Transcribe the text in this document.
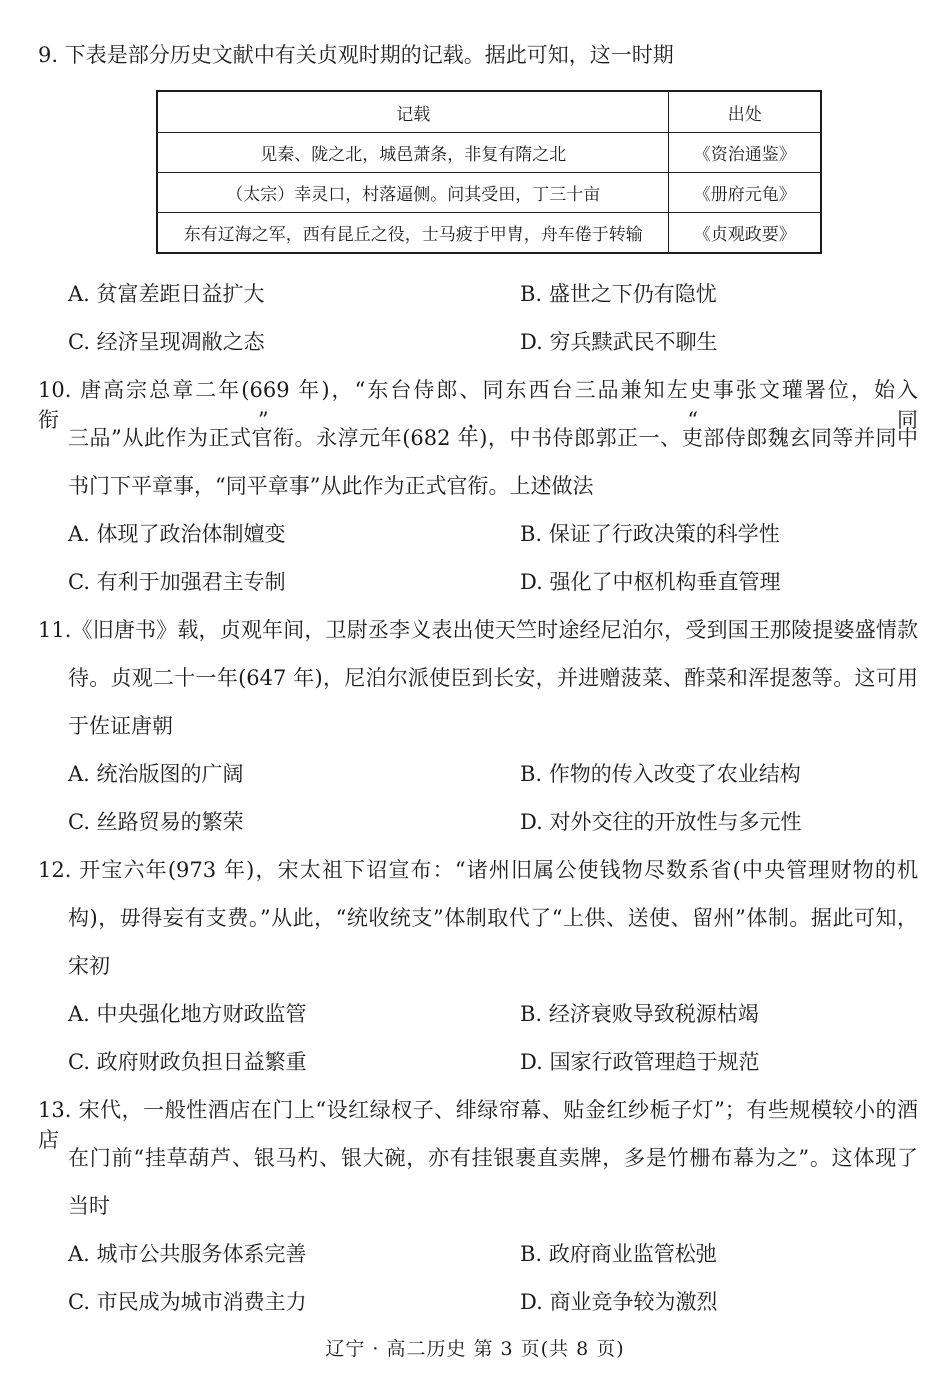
9. 下表是部分历史文献中有关贞观时期的记载。据此可知，这一时期
记载	出处
见秦、陇之北，城邑萧条，非复有隋之北	《资治通鉴》
（太宗）幸灵口，村落逼侧。问其受田，丁三十亩	《册府元龟》
东有辽海之军，西有昆丘之役，士马疲于甲胄，舟车倦于转输	《贞观政要》
A. 贫富差距日益扩大	B. 盛世之下仍有隐忧
C. 经济呈现凋敝之态	D. 穷兵黩武民不聊生
10. 唐高宗总章二年(669 年)，“东台侍郎、同东西台三品兼知左史事张文瓘署位，始入衔”，“同
三品”从此作为正式官衔。永淳元年(682 年)，中书侍郎郭正一、吏部侍郎魏玄同等并同中
书门下平章事，“同平章事”从此作为正式官衔。上述做法
A. 体现了政治体制嬗变	B. 保证了行政决策的科学性
C. 有利于加强君主专制	D. 强化了中枢机构垂直管理
11.《旧唐书》载，贞观年间，卫尉丞李义表出使天竺时途经尼泊尔，受到国王那陵提婆盛情款
待。贞观二十一年(647 年)，尼泊尔派使臣到长安，并进赠菠菜、酢菜和浑提葱等。这可用
于佐证唐朝
A. 统治版图的广阔	B. 作物的传入改变了农业结构
C. 丝路贸易的繁荣	D. 对外交往的开放性与多元性
12. 开宝六年(973 年)，宋太祖下诏宣布：“诸州旧属公使钱物尽数系省(中央管理财物的机
构)，毋得妄有支费。”从此，“统收统支”体制取代了“上供、送使、留州”体制。据此可知，
宋初
A. 中央强化地方财政监管	B. 经济衰败导致税源枯竭
C. 政府财政负担日益繁重	D. 国家行政管理趋于规范
13. 宋代，一般性酒店在门上“设红绿杈子、绯绿帘幕、贴金红纱栀子灯”；有些规模较小的酒店
在门前“挂草葫芦、银马杓、银大碗，亦有挂银裹直卖牌，多是竹栅布幕为之”。这体现了
当时
A. 城市公共服务体系完善	B. 政府商业监管松弛
C. 市民成为城市消费主力	D. 商业竞争较为激烈
辽宁 · 高二历史 第 3 页(共 8 页)
